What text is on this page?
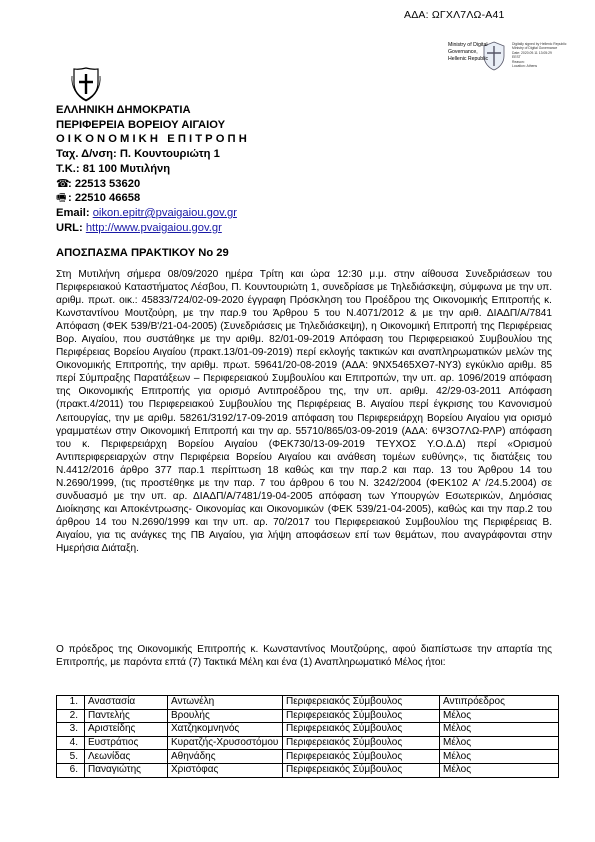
ΑΔΑ: ΩΓΧΛ7ΛΩ-Α41
Ministry of Digital
Governance,
Hellenic Republic
Digitally signed by Hellenic Republic
Ministry of Digital Governance
Date: 2020.09.11 13:05:29
EEST
Reason:
Location: Athens
ΕΛΛΗΝΙΚΗ ΔΗΜΟΚΡΑΤΙΑ
ΠΕΡΙΦΕΡΕΙΑ ΒΟΡΕΙΟΥ ΑΙΓΑΙΟΥ
Ο Ι Κ Ο Ν Ο Μ Ι Κ Η   Ε Π Ι Τ Ρ Ο Π Η
Ταχ. Δ/νση: Π. Κουντουριώτη 1
Τ.Κ.: 81 100 Μυτιλήνη
☎: 22513 53620
🖷: 22510 46658
Email: oikon.epitr@pvaigaiou.gov.gr
URL: http://www.pvaigaiou.gov.gr
ΑΠΟΣΠΑΣΜΑ ΠΡΑΚΤΙΚΟΥ Νο 29

Στη Μυτιλήνη σήμερα 08/09/2020 ημέρα Τρίτη και ώρα 12:30 μ.μ. στην αίθουσα Συνεδριάσεων του Περιφερειακού Καταστήματος Λέσβου, Π. Κουντουριώτη 1, συνεδρίασε με Τηλεδιάσκεψη, σύμφωνα με την υπ. αριθμ. πρωτ. οικ.: 45833/724/02-09-2020 έγγραφη Πρόσκληση του Προέδρου της Οικονομικής Επιτροπής κ. Κωνσταντίνου Μουτζούρη, με την παρ.9 του Άρθρου 5 του Ν.4071/2012 & με την αριθ. ΔΙΑΔΠ/Α/7841 Απόφαση (ΦΕΚ 539/Β'/21-04-2005) (Συνεδριάσεις με Τηλεδιάσκεψη), η Οικονομική Επιτροπή της Περιφέρειας Βορ. Αιγαίου, που συστάθηκε με την αριθμ. 82/01-09-2019 Απόφαση του Περιφερειακού Συμβουλίου της Περιφέρειας Βορείου Αιγαίου (πρακτ.13/01-09-2019) περί εκλογής τακτικών και αναπληρωματικών μελών της Οικονομικής Επιτροπής, την αριθμ. πρωτ. 59641/20-08-2019 (ΑΔΑ: 9ΝΧ5465ΧΘ7-ΝΥ3) εγκύκλιο αριθμ. 85 περί Σύμπραξης Παρατάξεων – Περιφερειακού Συμβουλίου και Επιτροπών, την υπ. αρ. 1096/2019 απόφαση της Οικονομικής Επιτροπής για ορισμό Αντιπροέδρου της, την υπ. αριθμ. 42/29-03-2011 Απόφαση (πρακτ.4/2011) του Περιφερειακού Συμβουλίου της Περιφέρειας Β. Αιγαίου περί έγκρισης του Κανονισμού Λειτουργίας, την με αριθμ. 58261/3192/17-09-2019 απόφαση του Περιφερειάρχη Βορείου Αιγαίου για ορισμό γραμματέων στην Οικονομική Επιτροπή και την αρ. 55710/865/03-09-2019 (ΑΔΑ: 6Ψ3Ο7ΛΩ-ΡΛΡ) απόφαση του κ. Περιφερειάρχη Βορείου Αιγαίου (ΦΕΚ730/13-09-2019 ΤΕΥΧΟΣ Υ.Ο.Δ.Δ) περί «Ορισμού Αντιπεριφερειαρχών στην Περιφέρεια Βορείου Αιγαίου και ανάθεση τομέων ευθύνης», τις διατάξεις του Ν.4412/2016 άρθρο 377 παρ.1 περίπτωση 18 καθώς και την παρ.2 και παρ. 13 του Άρθρου 14 του Ν.2690/1999, (τις προστέθηκε με την παρ. 7 του άρθρου 6 του Ν. 3242/2004 (ΦΕΚ102 Α' /24.5.2004) σε συνδυασμό με την υπ. αρ. ΔΙΑΔΠ/Α/7481/19-04-2005 απόφαση των Υπουργών Εσωτερικών, Δημόσιας Διοίκησης και Αποκέντρωσης- Οικονομίας και Οικονομικών (ΦΕΚ 539/21-04-2005), καθώς και την παρ.2 του άρθρου 14 του Ν.2690/1999 και την υπ. αρ. 70/2017 του Περιφερειακού Συμβουλίου της Περιφέρειας Β. Αιγαίου, για τις ανάγκες της ΠΒ Αιγαίου, για λήψη αποφάσεων επί των θεμάτων, που αναγράφονται στην Ημερήσια Διάταξη.

Ο πρόεδρος της Οικονομικής Επιτροπής κ. Κωνσταντίνος Μουτζούρης, αφού διαπίστωσε την απαρτία της Επιτροπής, με παρόντα επτά (7) Τακτικά Μέλη και ένα (1) Αναπληρωματικό Μέλος ήτοι:

1.	Αναστασία	Αντωνέλη	Περιφερειακός Σύμβουλος	Αντιπρόεδρος
2.	Παντελής	Βρουλής	Περιφερειακός Σύμβουλος	Μέλος
3.	Αριστείδης	Χατζηκομνηνός	Περιφερειακός Σύμβουλος	Μέλος
4.	Ευστράτιος	Κυρατζής-Χρυσοστόμου	Περιφερειακός Σύμβουλος	Μέλος
5.	Λεωνίδας	Αθηνάδης	Περιφερειακός Σύμβουλος	Μέλος
6.	Παναγιώτης	Χριστόφας	Περιφερειακός Σύμβουλος	Μέλος
